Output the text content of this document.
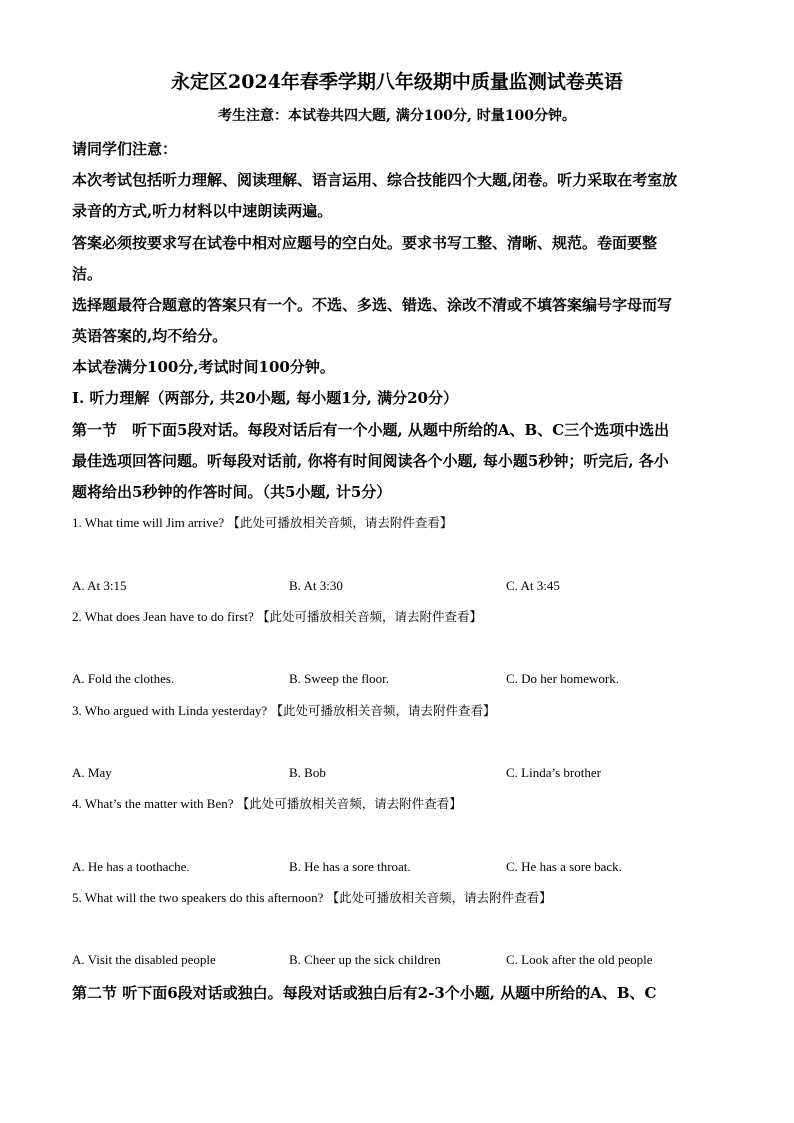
永定区2024年春季学期八年级期中质量监测试卷英语
考生注意：本试卷共四大题, 满分100分, 时量100分钟。
请同学们注意：
本次考试包括听力理解、阅读理解、语言运用、综合技能四个大题,闭卷。听力采取在考室放
录音的方式,听力材料以中速朗读两遍。
答案必须按要求写在试卷中相对应题号的空白处。要求书写工整、清晰、规范。卷面要整
洁。
选择题最符合题意的答案只有一个。不选、多选、错选、涂改不清或不填答案编号字母而写
英语答案的,均不给分。
本试卷满分100分,考试时间100分钟。
Ⅰ. 听力理解（两部分, 共20小题, 每小题1分, 满分20分）
第一节　听下面5段对话。每段对话后有一个小题, 从题中所给的A、B、C三个选项中选出
最佳选项回答问题。听每段对话前, 你将有时间阅读各个小题, 每小题5秒钟；听完后, 各小
题将给出5秒钟的作答时间。（共5小题, 计5分）
1. What time will Jim arrive? 【此处可播放相关音频，请去附件查看】
A. At 3:15	B. At 3:30	C. At 3:45
2. What does Jean have to do first? 【此处可播放相关音频，请去附件查看】
A. Fold the clothes.	B. Sweep the floor.	C. Do her homework.
3. Who argued with Linda yesterday? 【此处可播放相关音频，请去附件查看】
A. May	B. Bob	C. Linda’s brother
4. What’s the matter with Ben? 【此处可播放相关音频，请去附件查看】
A. He has a toothache.	B. He has a sore throat.	C. He has a sore back.
5. What will the two speakers do this afternoon? 【此处可播放相关音频，请去附件查看】
A. Visit the disabled people	B. Cheer up the sick children	C. Look after the old people
第二节 听下面6段对话或独白。每段对话或独白后有2-3个小题, 从题中所给的A、B、C
